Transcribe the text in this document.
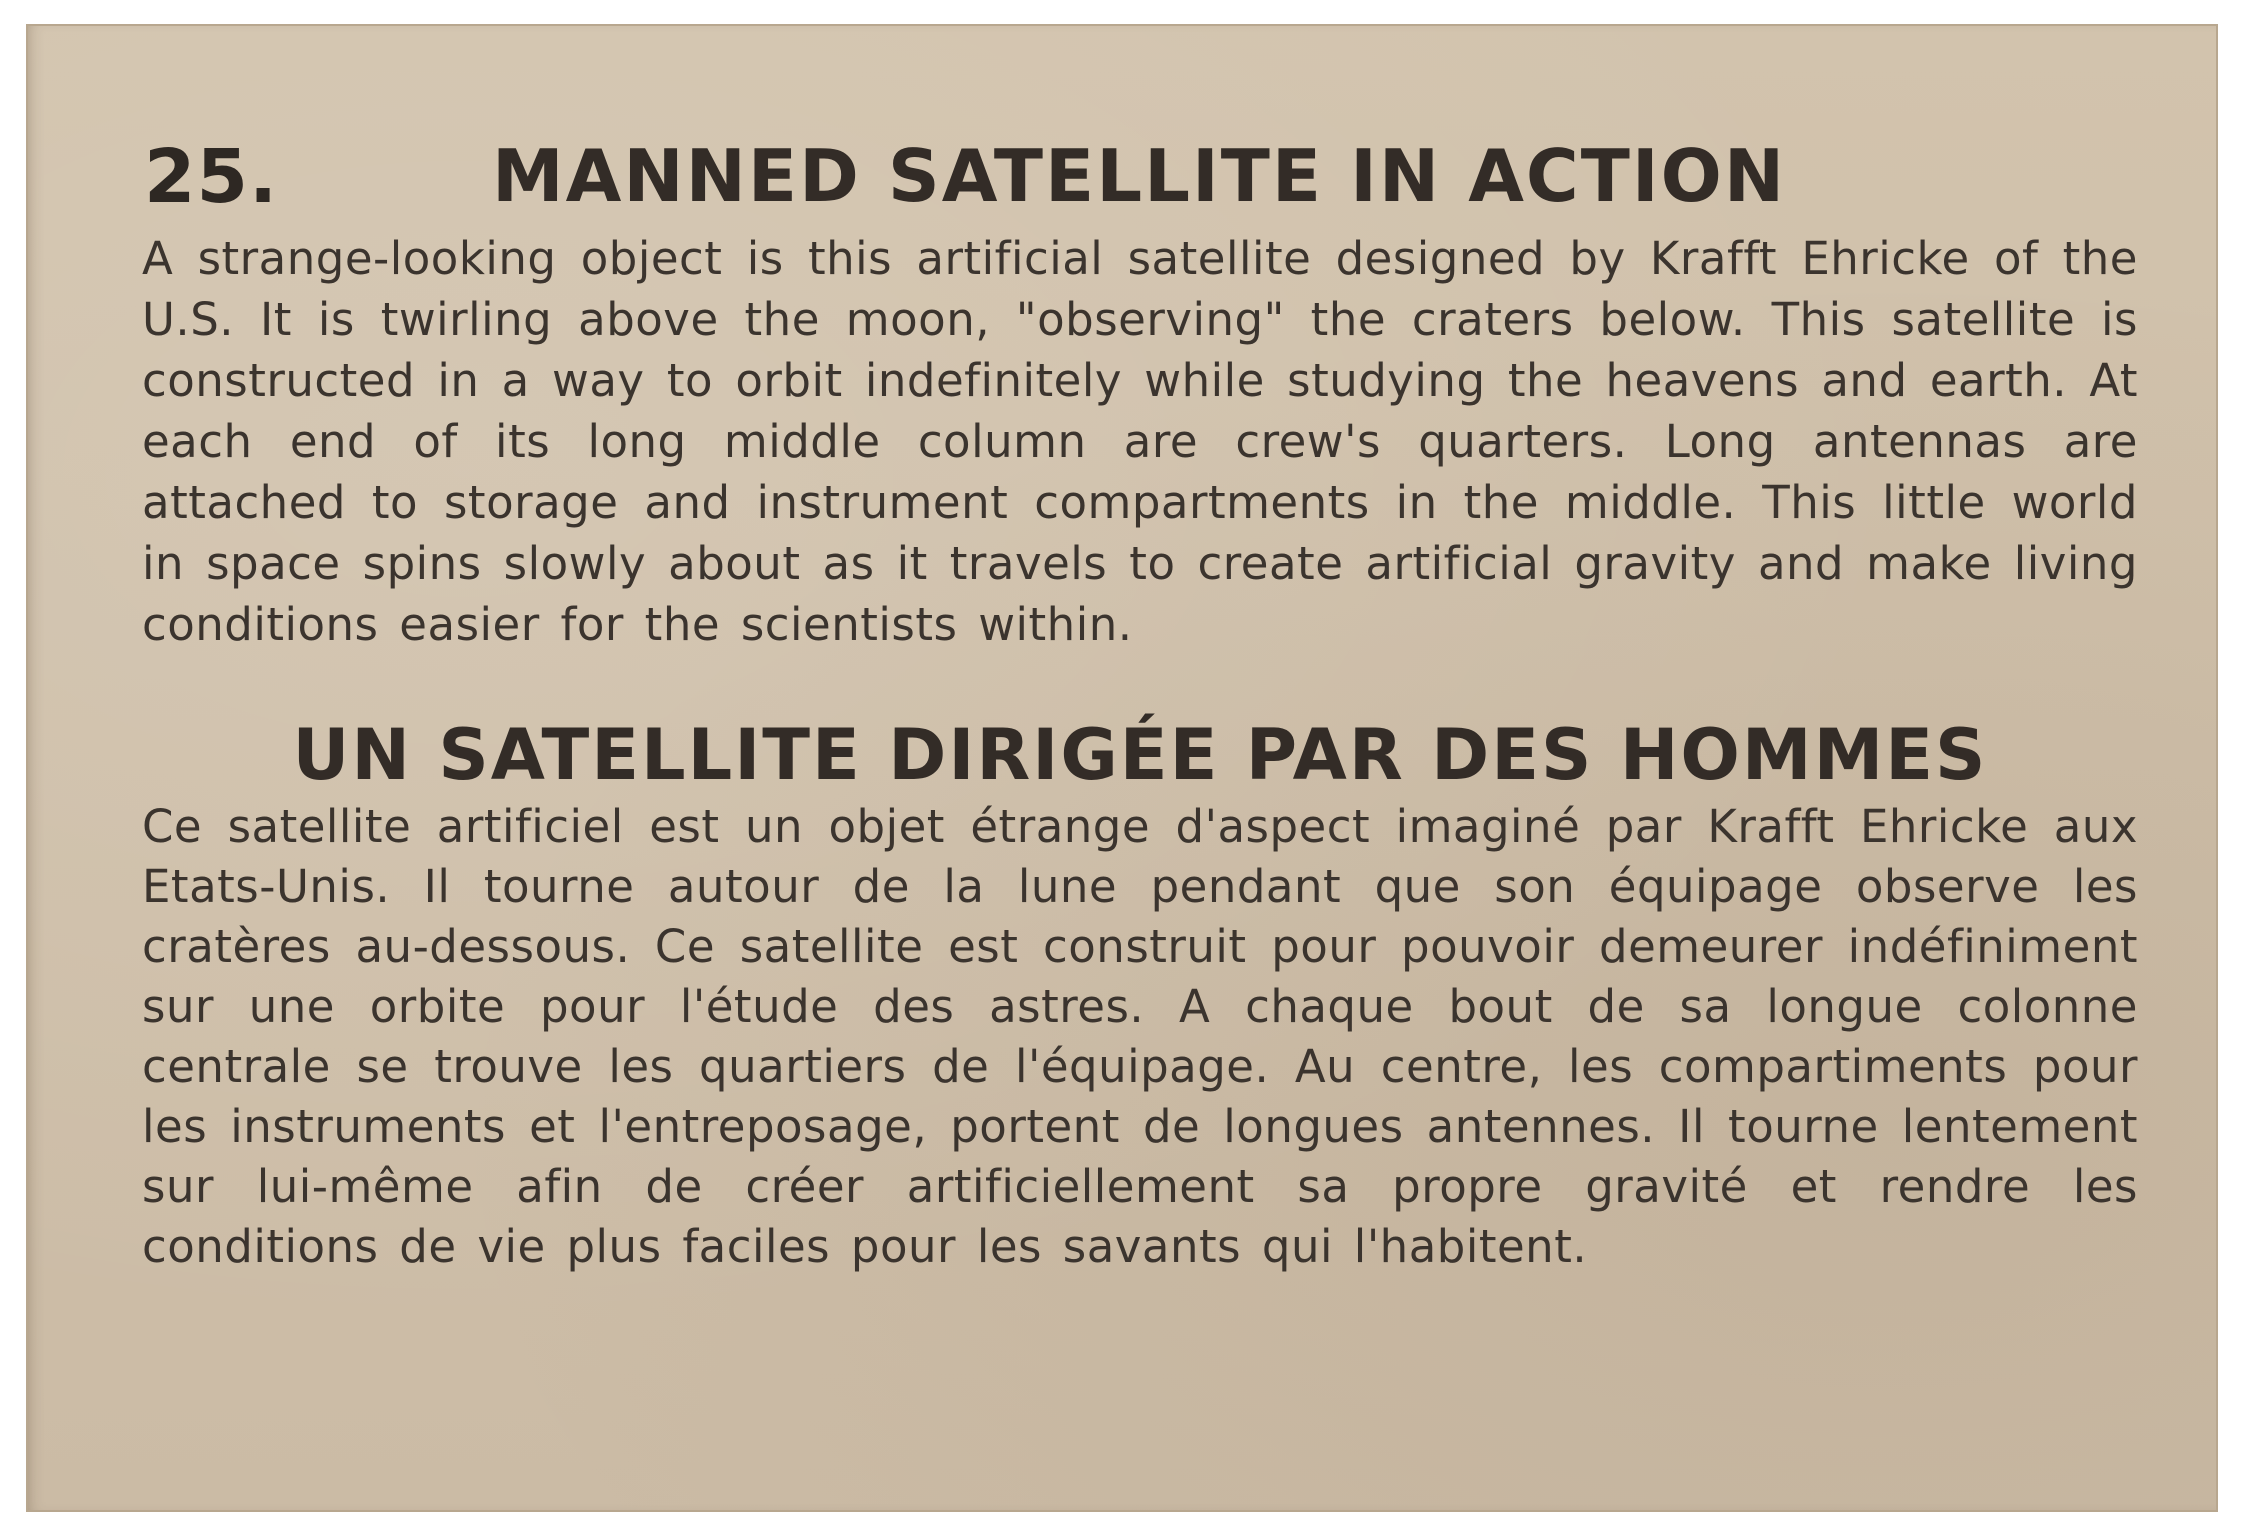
25.	MANNED SATELLITE IN ACTION

A strange-looking object is this artificial satellite designed by Krafft Ehricke of the U.S. It is twirling above the moon, "observing" the craters below. This satellite is constructed in a way to orbit indefinitely while studying the heavens and earth. At each end of its long middle column are crew's quarters. Long antennas are attached to storage and instrument compartments in the middle. This little world in space spins slowly about as it travels to create artificial gravity and make living conditions easier for the scientists within.

UN SATELLITE DIRIGÉE PAR DES HOMMES

Ce satellite artificiel est un objet étrange d'aspect imaginé par Krafft Ehricke aux Etats-Unis. Il tourne autour de la lune pendant que son équipage observe les cratères au-dessous. Ce satellite est construit pour pouvoir demeurer indéfiniment sur une orbite pour l'étude des astres. A chaque bout de sa longue colonne centrale se trouve les quartiers de l'équipage. Au centre, les compartiments pour les instruments et l'entreposage, portent de longues antennes. Il tourne lentement sur lui-même afin de créer artificiellement sa propre gravité et rendre les conditions de vie plus faciles pour les savants qui l'habitent.
